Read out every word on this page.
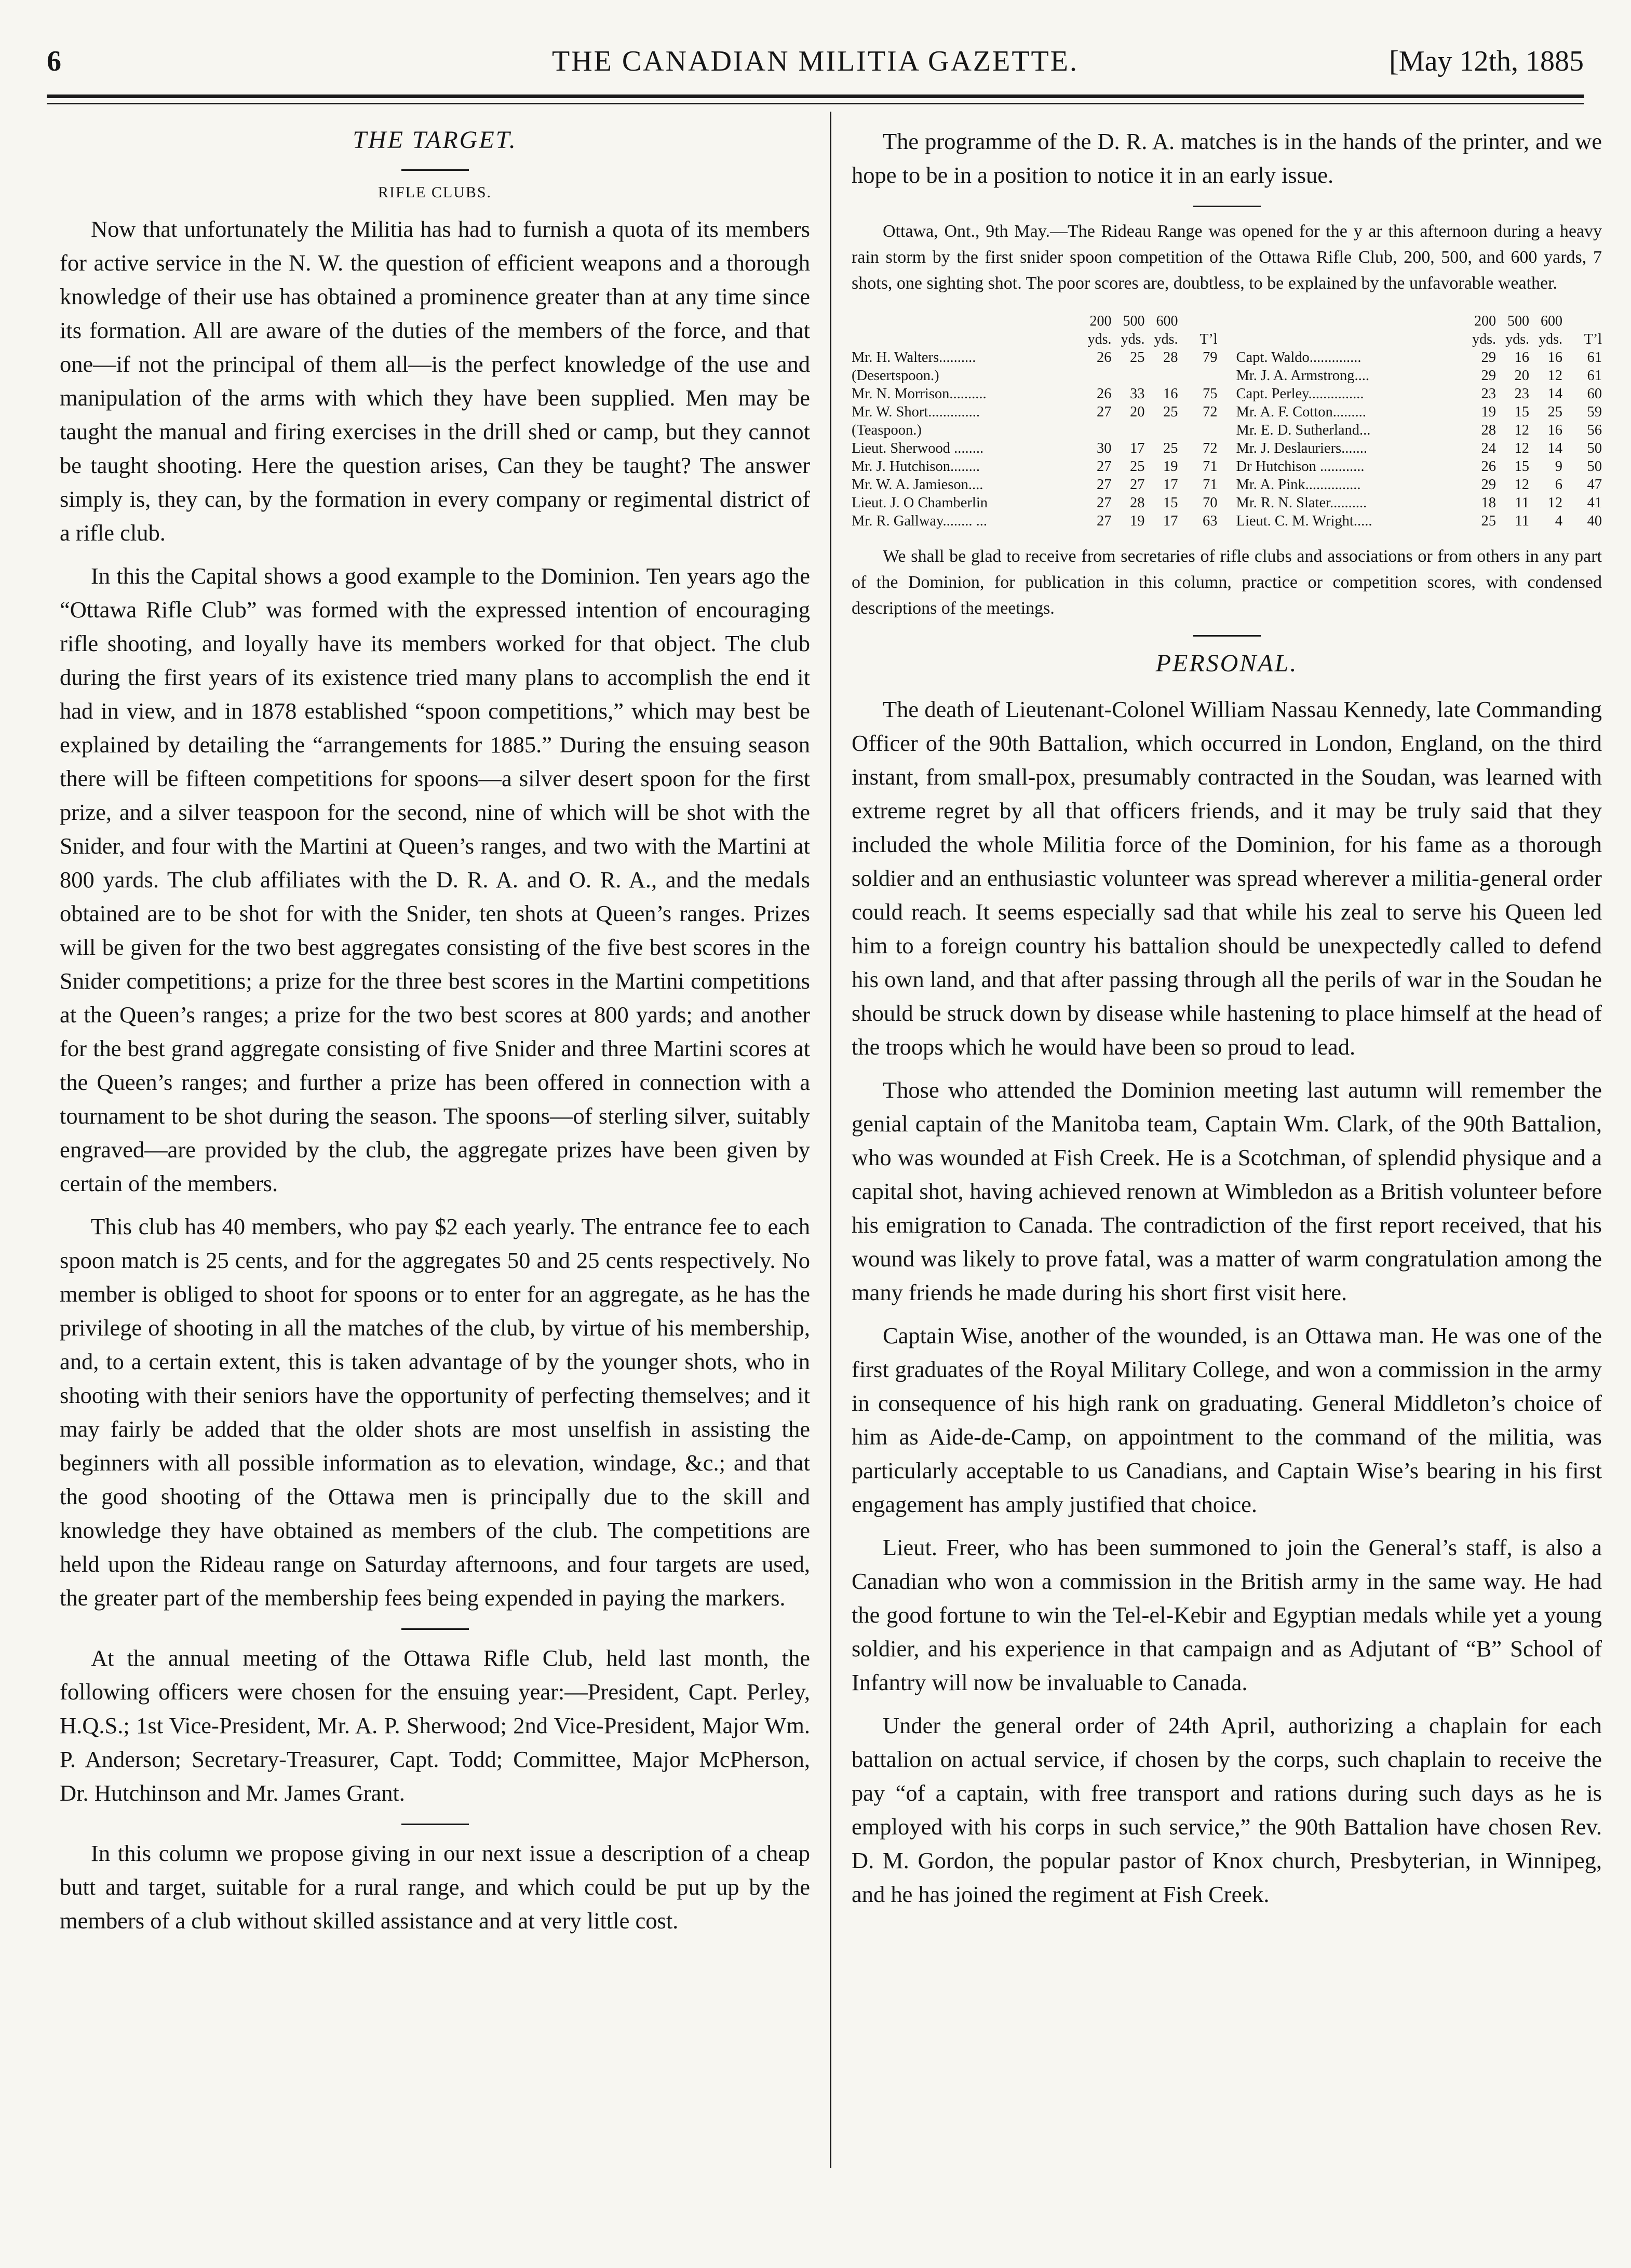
6	THE CANADIAN MILITIA GAZETTE.	[May 12th, 1885
THE TARGET.
RIFLE CLUBS.

Now that unfortunately the Militia has had to furnish a quota of its members for active service in the N. W. the question of efficient weapons and a thorough knowledge of their use has obtained a prominence greater than at any time since its formation. All are aware of the duties of the members of the force, and that one—if not the principal of them all—is the perfect knowledge of the use and manipulation of the arms with which they have been supplied. Men may be taught the manual and firing exercises in the drill shed or camp, but they cannot be taught shooting. Here the question arises, Can they be taught? The answer simply is, they can, by the formation in every company or regimental district of a rifle club.

In this the Capital shows a good example to the Dominion. Ten years ago the “Ottawa Rifle Club” was formed with the expressed intention of encouraging rifle shooting, and loyally have its members worked for that object. The club during the first years of its existence tried many plans to accomplish the end it had in view, and in 1878 established “spoon competitions,” which may best be explained by detailing the “arrangements for 1885.” During the ensuing season there will be fifteen competitions for spoons—a silver desert spoon for the first prize, and a silver teaspoon for the second, nine of which will be shot with the Snider, and four with the Martini at Queen’s ranges, and two with the Martini at 800 yards. The club affiliates with the D. R. A. and O. R. A., and the medals obtained are to be shot for with the Snider, ten shots at Queen’s ranges. Prizes will be given for the two best aggregates consisting of the five best scores in the Snider competitions; a prize for the three best scores in the Martini competitions at the Queen’s ranges; a prize for the two best scores at 800 yards; and another for the best grand aggregate consisting of five Snider and three Martini scores at the Queen’s ranges; and further a prize has been offered in connection with a tournament to be shot during the season. The spoons—of sterling silver, suitably engraved—are provided by the club, the aggregate prizes have been given by certain of the members.

This club has 40 members, who pay $2 each yearly. The entrance fee to each spoon match is 25 cents, and for the aggregates 50 and 25 cents respectively. No member is obliged to shoot for spoons or to enter for an aggregate, as he has the privilege of shooting in all the matches of the club, by virtue of his membership, and, to a certain extent, this is taken advantage of by the younger shots, who in shooting with their seniors have the opportunity of perfecting themselves; and it may fairly be added that the older shots are most unselfish in assisting the beginners with all possible information as to elevation, windage, &c.; and that the good shooting of the Ottawa men is principally due to the skill and knowledge they have obtained as members of the club. The competitions are held upon the Rideau range on Saturday afternoons, and four targets are used, the greater part of the membership fees being expended in paying the markers.

At the annual meeting of the Ottawa Rifle Club, held last month, the following officers were chosen for the ensuing year:—President, Capt. Perley, H.Q.S.; 1st Vice-President, Mr. A. P. Sherwood; 2nd Vice-President, Major Wm. P. Anderson; Secretary-Treasurer, Capt. Todd; Committee, Major McPherson, Dr. Hutchinson and Mr. James Grant.

In this column we propose giving in our next issue a description of a cheap butt and target, suitable for a rural range, and which could be put up by the members of a club without skilled assistance and at very little cost.

The programme of the D. R. A. matches is in the hands of the printer, and we hope to be in a position to notice it in an early issue.

Ottawa, Ont., 9th May.—The Rideau Range was opened for the y ar this afternoon during a heavy rain storm by the first snider spoon competition of the Ottawa Rifle Club, 200, 500, and 600 yards, 7 shots, one sighting shot. The poor scores are, doubtless, to be explained by the unfavorable weather.

	200	500	600				200	500	600	
	yds.	yds.	yds.	T’l			yds.	yds.	yds.	T’l
Mr. H. Walters..........	26	25	28	79		Capt. Waldo..............	29	16	16	61
(Desertspoon.)						Mr. J. A. Armstrong....	29	20	12	61
Mr. N. Morrison..........	26	33	16	75		Capt. Perley...............	23	23	14	60
Mr. W. Short..............	27	20	25	72		Mr. A. F. Cotton.........	19	15	25	59
(Teaspoon.)						Mr. E. D. Sutherland...	28	12	16	56
Lieut. Sherwood ........	30	17	25	72		Mr. J. Deslauriers.......	24	12	14	50
Mr. J. Hutchison........	27	25	19	71		Dr Hutchison ............	26	15	9	50
Mr. W. A. Jamieson....	27	27	17	71		Mr. A. Pink...............	29	12	6	47
Lieut. J. O Chamberlin	27	28	15	70		Mr. R. N. Slater..........	18	11	12	41
Mr. R. Gallway........ ...	27	19	17	63		Lieut. C. M. Wright.....	25	11	4	40

We shall be glad to receive from secretaries of rifle clubs and associations or from others in any part of the Dominion, for publication in this column, practice or competition scores, with condensed descriptions of the meetings.

PERSONAL.

The death of Lieutenant-Colonel William Nassau Kennedy, late Commanding Officer of the 90th Battalion, which occurred in London, England, on the third instant, from small-pox, presumably contracted in the Soudan, was learned with extreme regret by all that officers friends, and it may be truly said that they included the whole Militia force of the Dominion, for his fame as a thorough soldier and an enthusiastic volunteer was spread wherever a militia-general order could reach. It seems especially sad that while his zeal to serve his Queen led him to a foreign country his battalion should be unexpectedly called to defend his own land, and that after passing through all the perils of war in the Soudan he should be struck down by disease while hastening to place himself at the head of the troops which he would have been so proud to lead.

Those who attended the Dominion meeting last autumn will remember the genial captain of the Manitoba team, Captain Wm. Clark, of the 90th Battalion, who was wounded at Fish Creek. He is a Scotchman, of splendid physique and a capital shot, having achieved renown at Wimbledon as a British volunteer before his emigration to Canada. The contradiction of the first report received, that his wound was likely to prove fatal, was a matter of warm congratulation among the many friends he made during his short first visit here.

Captain Wise, another of the wounded, is an Ottawa man. He was one of the first graduates of the Royal Military College, and won a commission in the army in consequence of his high rank on graduating. General Middleton’s choice of him as Aide-de-Camp, on appointment to the command of the militia, was particularly acceptable to us Canadians, and Captain Wise’s bearing in his first engagement has amply justified that choice.

Lieut. Freer, who has been summoned to join the General’s staff, is also a Canadian who won a commission in the British army in the same way. He had the good fortune to win the Tel-el-Kebir and Egyptian medals while yet a young soldier, and his experience in that campaign and as Adjutant of “B” School of Infantry will now be invaluable to Canada.

Under the general order of 24th April, authorizing a chaplain for each battalion on actual service, if chosen by the corps, such chaplain to receive the pay “of a captain, with free transport and rations during such days as he is employed with his corps in such service,” the 90th Battalion have chosen Rev. D. M. Gordon, the popular pastor of Knox church, Presbyterian, in Winnipeg, and he has joined the regiment at Fish Creek.
